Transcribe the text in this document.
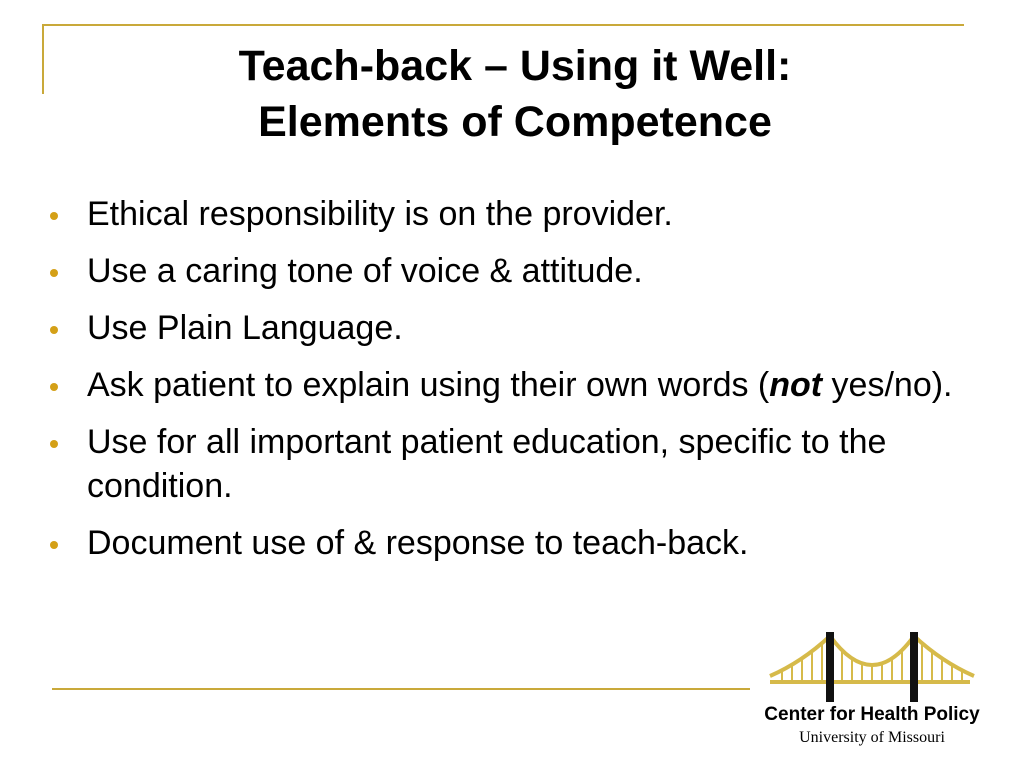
Teach-back – Using it Well:
Elements of Competence
Ethical responsibility is on the provider.
Use a caring tone of voice & attitude.
Use Plain Language.
Ask patient to explain using their own words (not yes/no).
Use for all important patient education, specific to the condition.
Document use of & response to teach-back.
Center for Health Policy
University of Missouri
